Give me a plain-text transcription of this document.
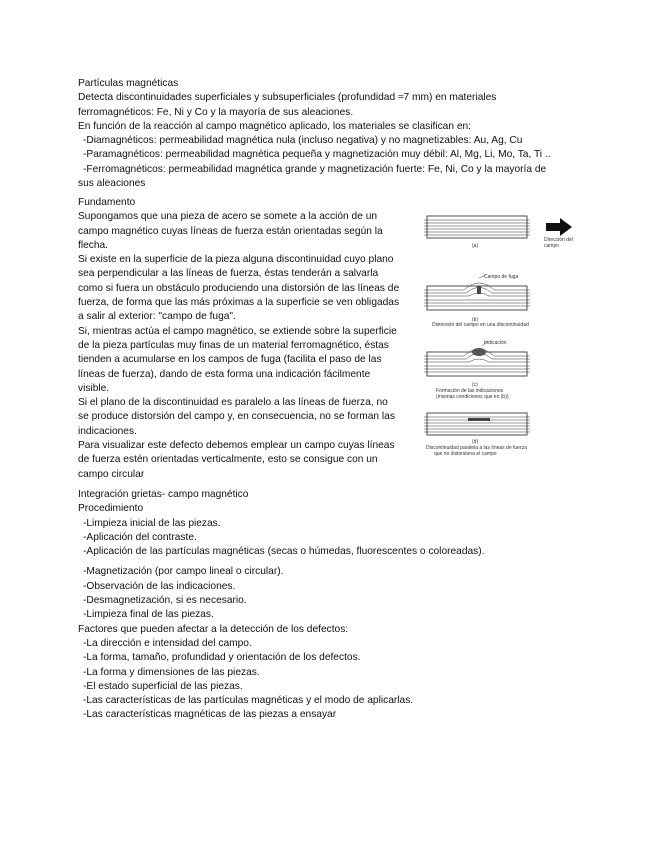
Partículas magnéticas

Detecta discontinuidades superficiales y subsuperficiales (profundidad ≈7 mm) en materiales

ferromagnéticos: Fe, Ni y Co y la mayoría de sus aleaciones.

En función de la reacción al campo magnético aplicado, los materiales se clasifican en:

-Diamagnéticos: permeabilidad magnética nula (incluso negativa) y no magnetizables: Au, Ag, Cu

-Paramagnéticos: permeabilidad magnética pequeña y magnetización muy débil: Al, Mg, Li, Mo, Ta, Ti ..

-Ferromagnéticos: permeabilidad magnética grande y magnetización fuerte: Fe, Ni, Co y la mayoría de

sus aleaciones

Fundamento

Supongamos que una pieza de acero se somete a la acción de un campo magnético cuyas líneas de fuerza están orientadas según la flecha.

Si existe en la superficie de la pieza alguna discontinuidad cuyo plano sea perpendicular a las líneas de fuerza, éstas tenderán a salvarla como si fuera un obstáculo produciendo una distorsión de las líneas de fuerza, de forma que las más próximas a la superficie se ven obligadas a salir al exterior: "campo de fuga".

Si, mientras actúa el campo magnético, se extiende sobre la superficie de la pieza partículas muy finas de un material ferromagnético, éstas tienden a acumularse en los campos de fuga (facilita el paso de las líneas de fuerza), dando de esta forma una indicación fácilmente visible.

Si el plano de la discontinuidad es paralelo a las líneas de fuerza, no se produce distorsión del campo y, en consecuencia, no se forman las indicaciones.

Para visualizar este defecto debemos emplear un campo cuyas líneas de fuerza estén orientadas verticalmente, esto se consigue con un campo circular

(a)
Dirección del campo
Campo de fuga
(b)
Distorsión del campo en una discontinuidad
Indicación
(c)
Formación de las indicaciones
(mismas condiciones que en (b))
(d)
Discontinuidad paralela a las líneas de fuerza
que no distorsiona el campo

Integración grietas- campo magnético

Procedimiento

-Limpieza inicial de las piezas.

-Aplicación del contraste.

-Aplicación de las partículas magnéticas (secas o húmedas, fluorescentes o coloreadas).

-Magnetización (por campo lineal o circular).

-Observación de las indicaciones.

-Desmagnetización, si es necesario.

-Limpieza final de las piezas.

Factores que pueden afectar a la detección de los defectos:

-La dirección e intensidad del campo.

-La forma, tamaño, profundidad y orientación de los defectos.

-La forma y dimensiones de las piezas.

-El estado superficial de las piezas.

-Las características de las partículas magnéticas y el modo de aplicarlas.

-Las características magnéticas de las piezas a ensayar
